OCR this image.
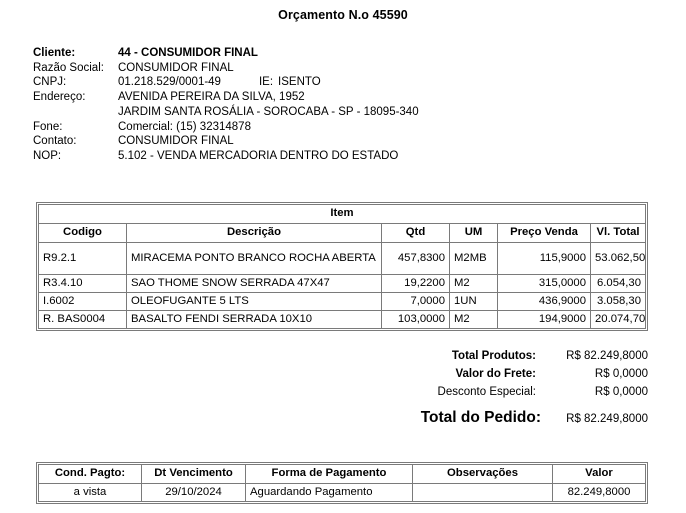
Orçamento N.o 45590
Cliente:	44 - CONSUMIDOR FINAL
Razão Social:	CONSUMIDOR FINAL
CNPJ:	01.218.529/0001-49	IE: ISENTO
Endereço:	AVENIDA PEREIRA DA SILVA, 1952
JARDIM SANTA ROSÁLIA - SOROCABA - SP - 18095-340
Fone:	Comercial: (15) 32314878
Contato:	CONSUMIDOR FINAL
NOP:	5.102 - VENDA MERCADORIA DENTRO DO ESTADO
Item					
Codigo	Descrição	Qtd	UM	Preço Venda	Vl. Total
R9.2.1	MIRACEMA PONTO BRANCO ROCHA ABERTA	457,8300	M2MB	115,9000	53.062,50
R3.4.10	SAO THOME SNOW SERRADA 47X47	19,2200	M2	315,0000	6.054,30
I.6002	OLEOFUGANTE 5 LTS	7,0000	1UN	436,9000	3.058,30
R. BAS0004	BASALTO FENDI SERRADA 10X10	103,0000	M2	194,9000	20.074,70
Total Produtos:	R$ 82.249,8000
Valor do Frete:	R$ 0,0000
Desconto Especial:	R$ 0,0000
Total do Pedido:	R$ 82.249,8000
Cond. Pagto:	Dt Vencimento	Forma de Pagamento	Observações	Valor
a vista	29/10/2024	Aguardando Pagamento		82.249,8000
